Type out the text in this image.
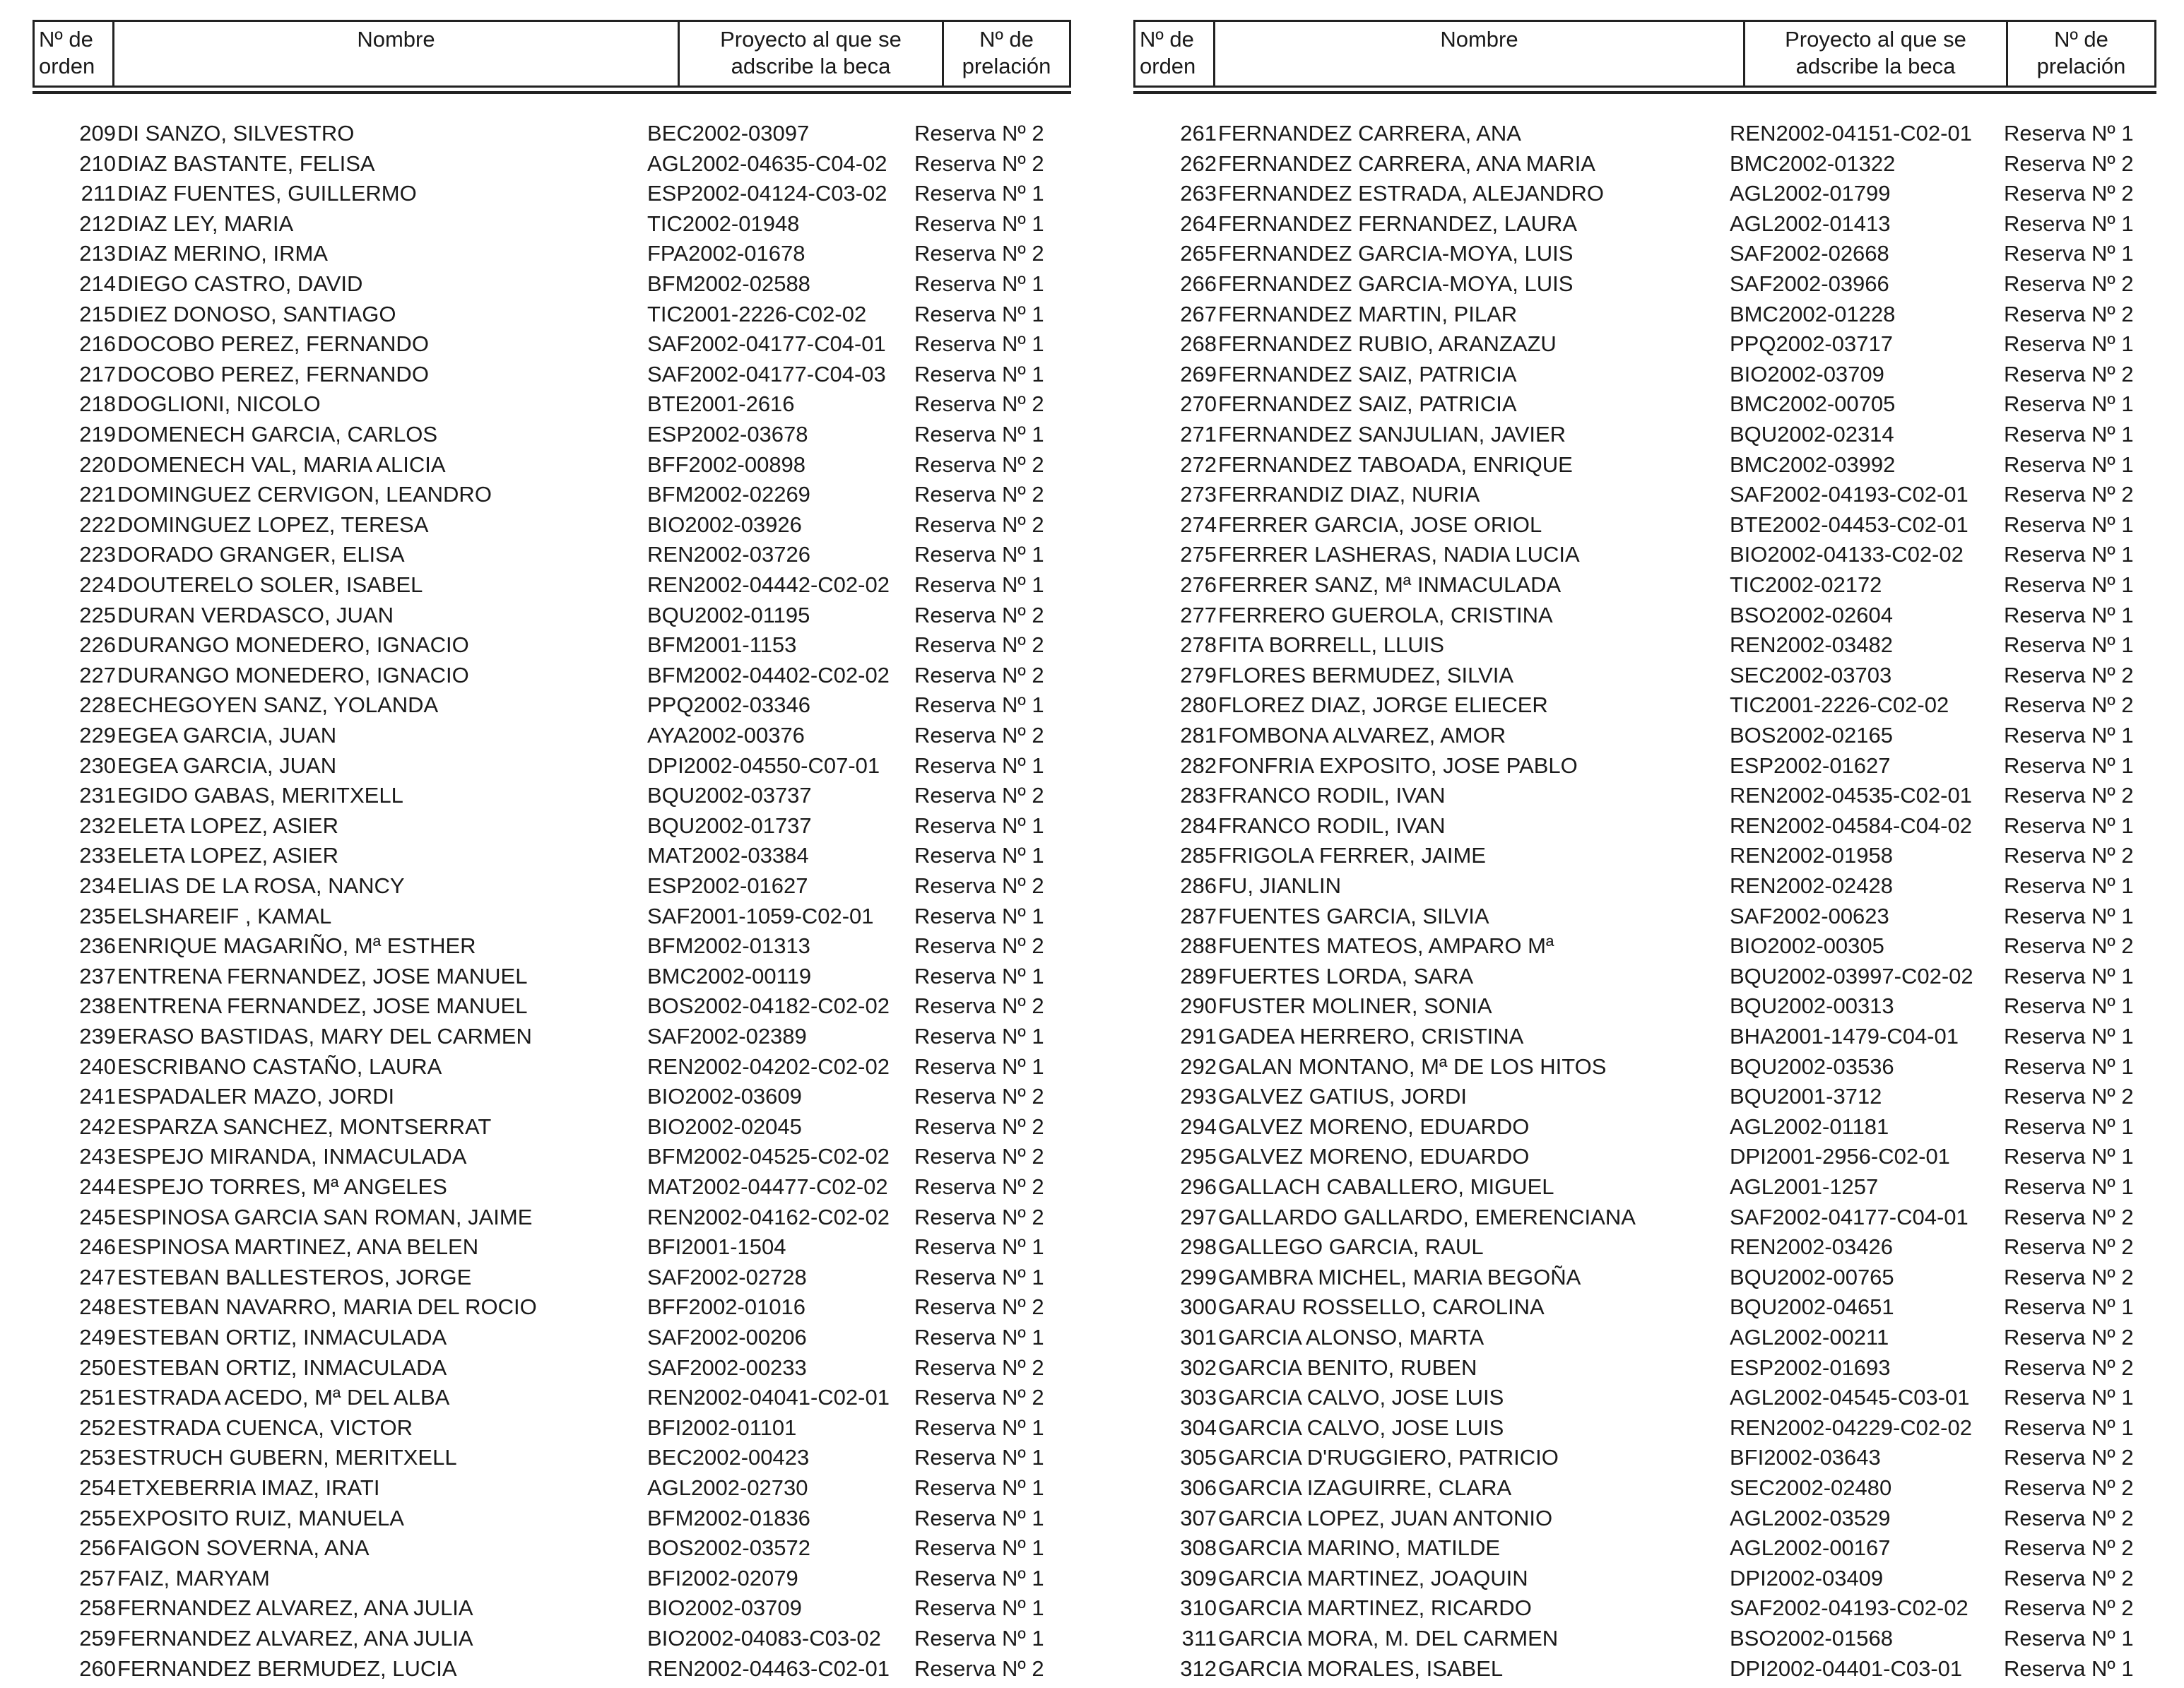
Nº de orden
Nombre	Proyecto al que se adscribe la beca
Nº de prelación
209 DI SANZO, SILVESTRO	BEC2002-03097	Reserva Nº 2
210 DIAZ BASTANTE, FELISA	AGL2002-04635-C04-02 Reserva Nº 2
211 DIAZ FUENTES, GUILLERMO	ESP2002-04124-C03-02 Reserva Nº 1
212 DIAZ LEY, MARIA	TIC2002-01948	Reserva Nº 1
213 DIAZ MERINO, IRMA	FPA2002-01678	Reserva Nº 2
214 DIEGO CASTRO, DAVID	BFM2002-02588	Reserva Nº 1
215 DIEZ DONOSO, SANTIAGO	TIC2001-2226-C02-02 Reserva Nº 1
216 DOCOBO PEREZ, FERNANDO	SAF2002-04177-C04-01 Reserva Nº 1
217 DOCOBO PEREZ, FERNANDO	SAF2002-04177-C04-03 Reserva Nº 1
218 DOGLIONI, NICOLO	BTE2001-2616	Reserva Nº 2
219 DOMENECH GARCIA, CARLOS	ESP2002-03678	Reserva Nº 1
220 DOMENECH VAL, MARIA ALICIA	BFF2002-00898	Reserva Nº 2
221 DOMINGUEZ CERVIGON, LEANDRO	BFM2002-02269	Reserva Nº 2
222 DOMINGUEZ LOPEZ, TERESA	BIO2002-03926	Reserva Nº 2
223 DORADO GRANGER, ELISA	REN2002-03726	Reserva Nº 1
224 DOUTERELO SOLER, ISABEL	REN2002-04442-C02-02 Reserva Nº 1
225 DURAN VERDASCO, JUAN	BQU2002-01195	Reserva Nº 2
226 DURANGO MONEDERO, IGNACIO	BFM2001-1153	Reserva Nº 2
227 DURANGO MONEDERO, IGNACIO	BFM2002-04402-C02-02 Reserva Nº 2
228 ECHEGOYEN SANZ, YOLANDA	PPQ2002-03346	Reserva Nº 1
229 EGEA GARCIA, JUAN	AYA2002-00376	Reserva Nº 2
230 EGEA GARCIA, JUAN	DPI2002-04550-C07-01 Reserva Nº 1
231 EGIDO GABAS, MERITXELL	BQU2002-03737	Reserva Nº 2
232 ELETA LOPEZ, ASIER	BQU2002-01737	Reserva Nº 1
233 ELETA LOPEZ, ASIER	MAT2002-03384	Reserva Nº 1
234 ELIAS DE LA ROSA, NANCY	ESP2002-01627	Reserva Nº 2
235 ELSHAREIF , KAMAL	SAF2001-1059-C02-01 Reserva Nº 1
236 ENRIQUE MAGARIÑO, Mª ESTHER	BFM2002-01313	Reserva Nº 2
237 ENTRENA FERNANDEZ, JOSE MANUEL	BMC2002-00119	Reserva Nº 1
238 ENTRENA FERNANDEZ, JOSE MANUEL	BOS2002-04182-C02-02 Reserva Nº 2
239 ERASO BASTIDAS, MARY DEL CARMEN	SAF2002-02389	Reserva Nº 1
240 ESCRIBANO CASTAÑO, LAURA	REN2002-04202-C02-02 Reserva Nº 1
241 ESPADALER MAZO, JORDI	BIO2002-03609	Reserva Nº 2
242 ESPARZA SANCHEZ, MONTSERRAT	BIO2002-02045	Reserva Nº 2
243 ESPEJO MIRANDA, INMACULADA	BFM2002-04525-C02-02 Reserva Nº 2
244 ESPEJO TORRES, Mª ANGELES	MAT2002-04477-C02-02 Reserva Nº 2
245 ESPINOSA GARCIA SAN ROMAN, JAIME	REN2002-04162-C02-02 Reserva Nº 2
246 ESPINOSA MARTINEZ, ANA BELEN	BFI2001-1504	Reserva Nº 1
247 ESTEBAN BALLESTEROS, JORGE	SAF2002-02728	Reserva Nº 1
248 ESTEBAN NAVARRO, MARIA DEL ROCIO	BFF2002-01016	Reserva Nº 2
249 ESTEBAN ORTIZ, INMACULADA	SAF2002-00206	Reserva Nº 1
250 ESTEBAN ORTIZ, INMACULADA	SAF2002-00233	Reserva Nº 2
251 ESTRADA ACEDO, Mª DEL ALBA	REN2002-04041-C02-01 Reserva Nº 2
252 ESTRADA CUENCA, VICTOR	BFI2002-01101	Reserva Nº 1
253 ESTRUCH GUBERN, MERITXELL	BEC2002-00423	Reserva Nº 1
254 ETXEBERRIA IMAZ, IRATI	AGL2002-02730	Reserva Nº 1
255 EXPOSITO RUIZ, MANUELA	BFM2002-01836	Reserva Nº 1
256 FAIGON SOVERNA, ANA	BOS2002-03572	Reserva Nº 1
257 FAIZ, MARYAM	BFI2002-02079	Reserva Nº 1
258 FERNANDEZ ALVAREZ, ANA JULIA	BIO2002-03709	Reserva Nº 1
259 FERNANDEZ ALVAREZ, ANA JULIA	BIO2002-04083-C03-02 Reserva Nº 1
260 FERNANDEZ BERMUDEZ, LUCIA	REN2002-04463-C02-01 Reserva Nº 2
Nº de orden
Nombre	Proyecto al que se adscribe la beca
Nº de prelación
261 FERNANDEZ CARRERA, ANA	REN2002-04151-C02-01 Reserva Nº 1
262 FERNANDEZ CARRERA, ANA MARIA	BMC2002-01322	Reserva Nº 2
263 FERNANDEZ ESTRADA, ALEJANDRO	AGL2002-01799	Reserva Nº 2
264 FERNANDEZ FERNANDEZ, LAURA	AGL2002-01413	Reserva Nº 1
265 FERNANDEZ GARCIA-MOYA, LUIS	SAF2002-02668	Reserva Nº 1
266 FERNANDEZ GARCIA-MOYA, LUIS	SAF2002-03966	Reserva Nº 2
267 FERNANDEZ MARTIN, PILAR	BMC2002-01228	Reserva Nº 2
268 FERNANDEZ RUBIO, ARANZAZU	PPQ2002-03717	Reserva Nº 1
269 FERNANDEZ SAIZ, PATRICIA	BIO2002-03709	Reserva Nº 2
270 FERNANDEZ SAIZ, PATRICIA	BMC2002-00705	Reserva Nº 1
271 FERNANDEZ SANJULIAN, JAVIER	BQU2002-02314	Reserva Nº 1
272 FERNANDEZ TABOADA, ENRIQUE	BMC2002-03992	Reserva Nº 1
273 FERRANDIZ DIAZ, NURIA	SAF2002-04193-C02-01 Reserva Nº 2
274 FERRER GARCIA, JOSE ORIOL	BTE2002-04453-C02-01 Reserva Nº 1
275 FERRER LASHERAS, NADIA LUCIA	BIO2002-04133-C02-02 Reserva Nº 1
276 FERRER SANZ, Mª INMACULADA	TIC2002-02172	Reserva Nº 1
277 FERRERO GUEROLA, CRISTINA	BSO2002-02604	Reserva Nº 1
278 FITA BORRELL, LLUIS	REN2002-03482	Reserva Nº 1
279 FLORES BERMUDEZ, SILVIA	SEC2002-03703	Reserva Nº 2
280 FLOREZ DIAZ, JORGE ELIECER	TIC2001-2226-C02-02	Reserva Nº 2
281 FOMBONA ALVAREZ, AMOR	BOS2002-02165	Reserva Nº 1
282 FONFRIA EXPOSITO, JOSE PABLO	ESP2002-01627	Reserva Nº 1
283 FRANCO RODIL, IVAN	REN2002-04535-C02-01 Reserva Nº 2
284 FRANCO RODIL, IVAN	REN2002-04584-C04-02 Reserva Nº 1
285 FRIGOLA FERRER, JAIME	REN2002-01958	Reserva Nº 2
286 FU, JIANLIN	REN2002-02428	Reserva Nº 1
287 FUENTES GARCIA, SILVIA	SAF2002-00623	Reserva Nº 1
288 FUENTES MATEOS, AMPARO Mª	BIO2002-00305	Reserva Nº 2
289 FUERTES LORDA, SARA	BQU2002-03997-C02-02 Reserva Nº 1
290 FUSTER MOLINER, SONIA	BQU2002-00313	Reserva Nº 1
291 GADEA HERRERO, CRISTINA	BHA2001-1479-C04-01 Reserva Nº 1
292 GALAN MONTANO, Mª DE LOS HITOS	BQU2002-03536	Reserva Nº 1
293 GALVEZ GATIUS, JORDI	BQU2001-3712	Reserva Nº 2
294 GALVEZ MORENO, EDUARDO	AGL2002-01181	Reserva Nº 1
295 GALVEZ MORENO, EDUARDO	DPI2001-2956-C02-01 Reserva Nº 1
296 GALLACH CABALLERO, MIGUEL	AGL2001-1257	Reserva Nº 1
297 GALLARDO GALLARDO, EMERENCIANA	SAF2002-04177-C04-01 Reserva Nº 2
298 GALLEGO GARCIA, RAUL	REN2002-03426	Reserva Nº 2
299 GAMBRA MICHEL, MARIA BEGOÑA	BQU2002-00765	Reserva Nº 2
300 GARAU ROSSELLO, CAROLINA	BQU2002-04651	Reserva Nº 1
301 GARCIA ALONSO, MARTA	AGL2002-00211	Reserva Nº 2
302 GARCIA BENITO, RUBEN	ESP2002-01693	Reserva Nº 2
303 GARCIA CALVO, JOSE LUIS	AGL2002-04545-C03-01 Reserva Nº 1
304 GARCIA CALVO, JOSE LUIS	REN2002-04229-C02-02 Reserva Nº 1
305 GARCIA D'RUGGIERO, PATRICIO	BFI2002-03643	Reserva Nº 2
306 GARCIA IZAGUIRRE, CLARA	SEC2002-02480	Reserva Nº 2
307 GARCIA LOPEZ, JUAN ANTONIO	AGL2002-03529	Reserva Nº 2
308 GARCIA MARINO, MATILDE	AGL2002-00167	Reserva Nº 2
309 GARCIA MARTINEZ, JOAQUIN	DPI2002-03409	Reserva Nº 2
310 GARCIA MARTINEZ, RICARDO	SAF2002-04193-C02-02 Reserva Nº 2
311 GARCIA MORA, M. DEL CARMEN	BSO2002-01568	Reserva Nº 1
312 GARCIA MORALES, ISABEL	DPI2002-04401-C03-01 Reserva Nº 1
